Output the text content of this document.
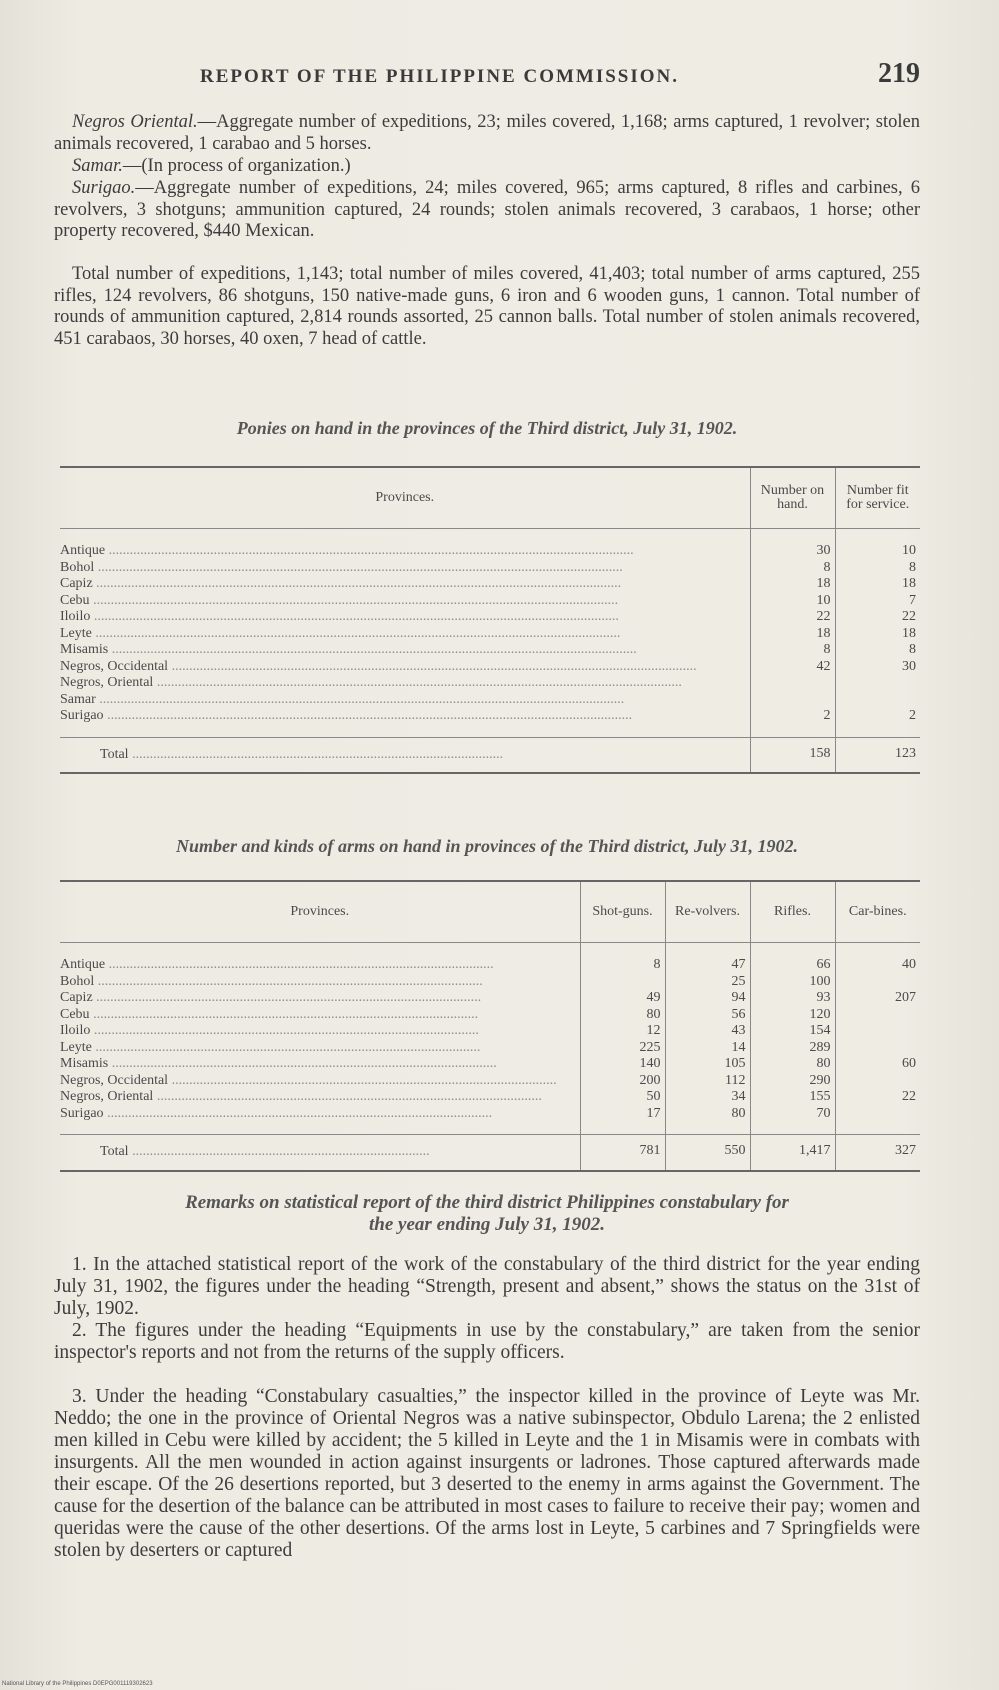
REPORT OF THE PHILIPPINE COMMISSION.	219
Negros Oriental.—Aggregate number of expeditions, 23; miles covered, 1,168; arms captured, 1 revolver; stolen animals recovered, 1 carabao and 5 horses.
Samar.—(In process of organization.)
Surigao.—Aggregate number of expeditions, 24; miles covered, 965; arms captured, 8 rifles and carbines, 6 revolvers, 3 shotguns; ammunition captured, 24 rounds; stolen animals recovered, 3 carabaos, 1 horse; other property recovered, $440 Mexican.
Total number of expeditions, 1,143; total number of miles covered, 41,403; total number of arms captured, 255 rifles, 124 revolvers, 86 shotguns, 150 native-made guns, 6 iron and 6 wooden guns, 1 cannon. Total number of rounds of ammunition captured, 2,814 rounds assorted, 25 cannon balls. Total number of stolen animals recovered, 451 carabaos, 30 horses, 40 oxen, 7 head of cattle.
Ponies on hand in the provinces of the Third district, July 31, 1902.
Provinces.	Number on hand.	Number fit for service.
Antique ......................................................................................................................................................	30	10
Bohol ......................................................................................................................................................	8	8
Capiz ......................................................................................................................................................	18	18
Cebu ......................................................................................................................................................	10	7
Iloilo ......................................................................................................................................................	22	22
Leyte ......................................................................................................................................................	18	18
Misamis ......................................................................................................................................................	8	8
Negros, Occidental ......................................................................................................................................................	42	30
Negros, Oriental ......................................................................................................................................................		
Samar ......................................................................................................................................................		
Surigao ......................................................................................................................................................	2	2
Total ..........................................................................................................	158	123
Number and kinds of arms on hand in provinces of the Third district, July 31, 1902.
Provinces.	Shot-guns.	Re-volvers.	Rifles.	Car-bines.
Antique ..............................................................................................................	8	47	66	40
Bohol ..............................................................................................................		25	100	
Capiz ..............................................................................................................	49	94	93	207
Cebu ..............................................................................................................	80	56	120	
Iloilo ..............................................................................................................	12	43	154	
Leyte ..............................................................................................................	225	14	289	
Misamis ..............................................................................................................	140	105	80	60
Negros, Occidental ..............................................................................................................	200	112	290	
Negros, Oriental ..............................................................................................................	50	34	155	22
Surigao ..............................................................................................................	17	80	70	
Total .....................................................................................	781	550	1,417	327
Remarks on statistical report of the third district Philippines constabulary for
the year ending July 31, 1902.
1. In the attached statistical report of the work of the constabulary of the third district for the year ending July 31, 1902, the figures under the heading “Strength, present and absent,” shows the status on the 31st of July, 1902.
2. The figures under the heading “Equipments in use by the constabulary,” are taken from the senior inspector's reports and not from the returns of the supply officers.
3. Under the heading “Constabulary casualties,” the inspector killed in the province of Leyte was Mr. Neddo; the one in the province of Oriental Negros was a native subinspector, Obdulo Larena; the 2 enlisted men killed in Cebu were killed by accident; the 5 killed in Leyte and the 1 in Misamis were in combats with insurgents. All the men wounded in action against insurgents or ladrones. Those captured afterwards made their escape. Of the 26 desertions reported, but 3 deserted to the enemy in arms against the Government. The cause for the desertion of the balance can be attributed in most cases to failure to receive their pay; women and queridas were the cause of the other desertions. Of the arms lost in Leyte, 5 carbines and 7 Springfields were stolen by deserters or captured
National Library of the Philippines D0EPG001119302623
